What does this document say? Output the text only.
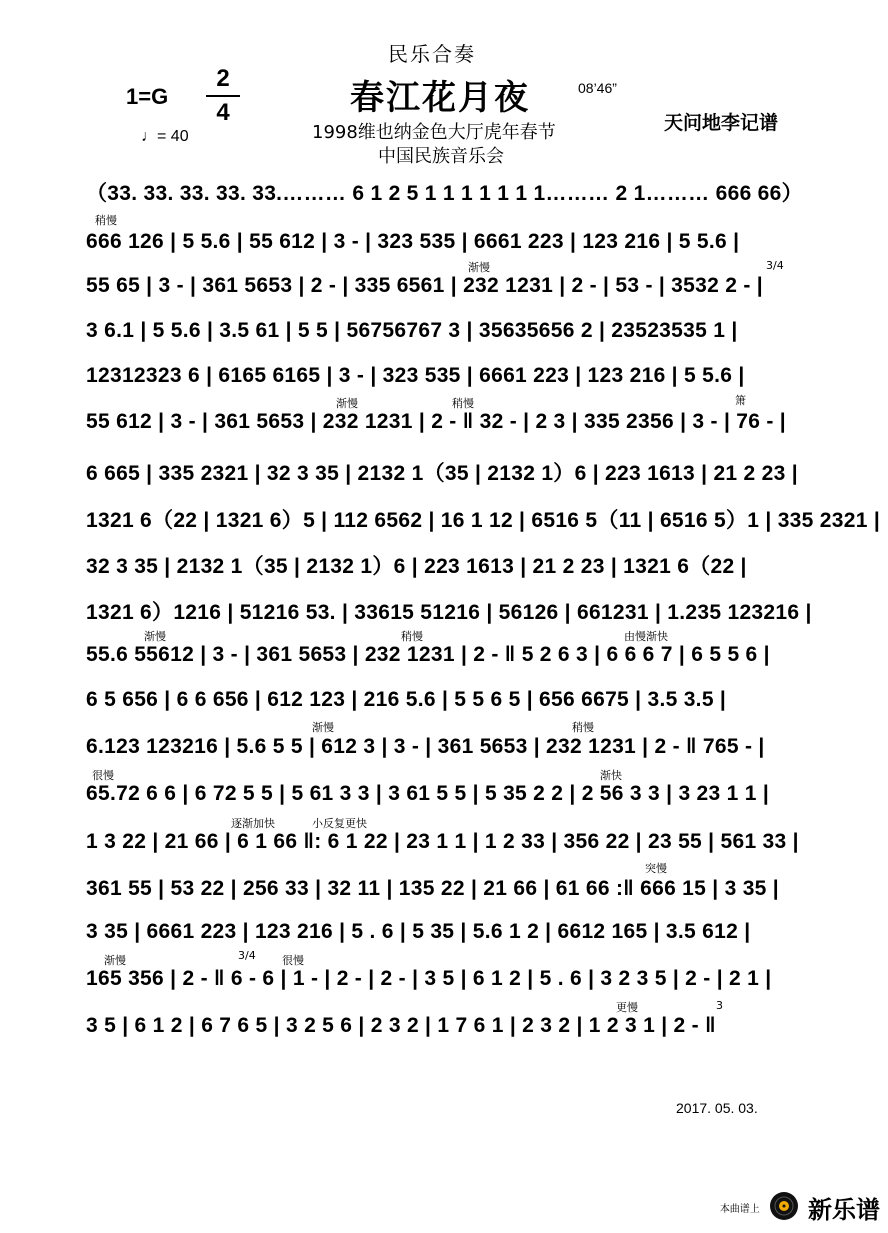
民乐合奏
1=G
2
4
♩= 40
春江花月夜	08’46”
1998维也纳金色大厅虎年春节
中国民族音乐会
天问地李记谱
（33. 33. 33. 33. 33.……… 6 1 2 5 1 1 1 1 1 1 1……… 2 1……… 666 66）
666 126 | 5 5.6 | 55 612 | 3 - | 323 535 | 6661 223 | 123 216 | 5 5.6 |
55 65 | 3 - | 361 5653 | 2 - | 335 6561 | 232 1231 | 2 - | 53 - | 3532 2 - |
3 6.1 | 5 5.6 | 3.5 61 | 5 5 | 56756767 3 | 35635656 2 | 23523535 1 |
12312323 6 | 6165 6165 | 3 - | 323 535 | 6661 223 | 123 216 | 5 5.6 |
55 612 | 3 - | 361 5653 | 232 1231 | 2 - ‖ 32 - | 2 3 | 335 2356 | 3 - | 76 - |
6 665 | 335 2321 | 32 3 35 | 2132 1（35 | 2132 1）6 | 223 1613 | 21 2 23 |
1321 6（22 | 1321 6）5 | 112 6562 | 16 1 12 | 6516 5（11 | 6516 5）1 | 335 2321 |
32 3 35 | 2132 1（35 | 2132 1）6 | 223 1613 | 21 2 23 | 1321 6（22 |
1321 6）1216 | 51216 53. | 33615 51216 | 56126 | 661231 | 1.235 123216 |
55.6 55612 | 3 - | 361 5653 | 232 1231 | 2 - ‖ 5 2 6 3 | 6 6 6 7 | 6 5 5 6 |
6 5 656 | 6 6 656 | 612 123 | 216 5.6 | 5 5 6 5 | 656 6675 | 3.5 3.5 |
6.123 123216 | 5.6 5 5 | 612 3 | 3 - | 361 5653 | 232 1231 | 2 - ‖ 765 - |
65.72 6 6 | 6 72 5 5 | 5 61 3 3 | 3 61 5 5 | 5 35 2 2 | 2 56 3 3 | 3 23 1 1 |
1 3 22 | 21 66 | 6 1 66 ‖: 6 1 22 | 23 1 1 | 1 2 33 | 356 22 | 23 55 | 561 33 |
361 55 | 53 22 | 256 33 | 32 11 | 135 22 | 21 66 | 61 66 :‖ 666 15 | 3 35 |
3 35 | 6661 223 | 123 216 | 5 . 6 | 5 35 | 5.6 1 2 | 6612 165 | 3.5 612 |
165 356 | 2 - ‖ 6 - 6 | 1 - | 2 - | 2 - | 3 5 | 6 1 2 | 5 . 6 | 3 2 3 5 | 2 - | 2 1 |
3 5 | 6 1 2 | 6 7 6 5 | 3 2 5 6 | 2 3 2 | 1 7 6 1 | 2 3 2 | 1 2 3 1 | 2 - ‖
稍慢
渐慢	3/4
渐慢	稍慢	箫
渐慢	稍慢	由慢渐快
渐慢	稍慢
很慢	渐快
逐渐加快	小反复更快
突慢
渐慢	3/4 很慢
更慢	3
2017. 05. 03.
本曲谱上 新乐谱
